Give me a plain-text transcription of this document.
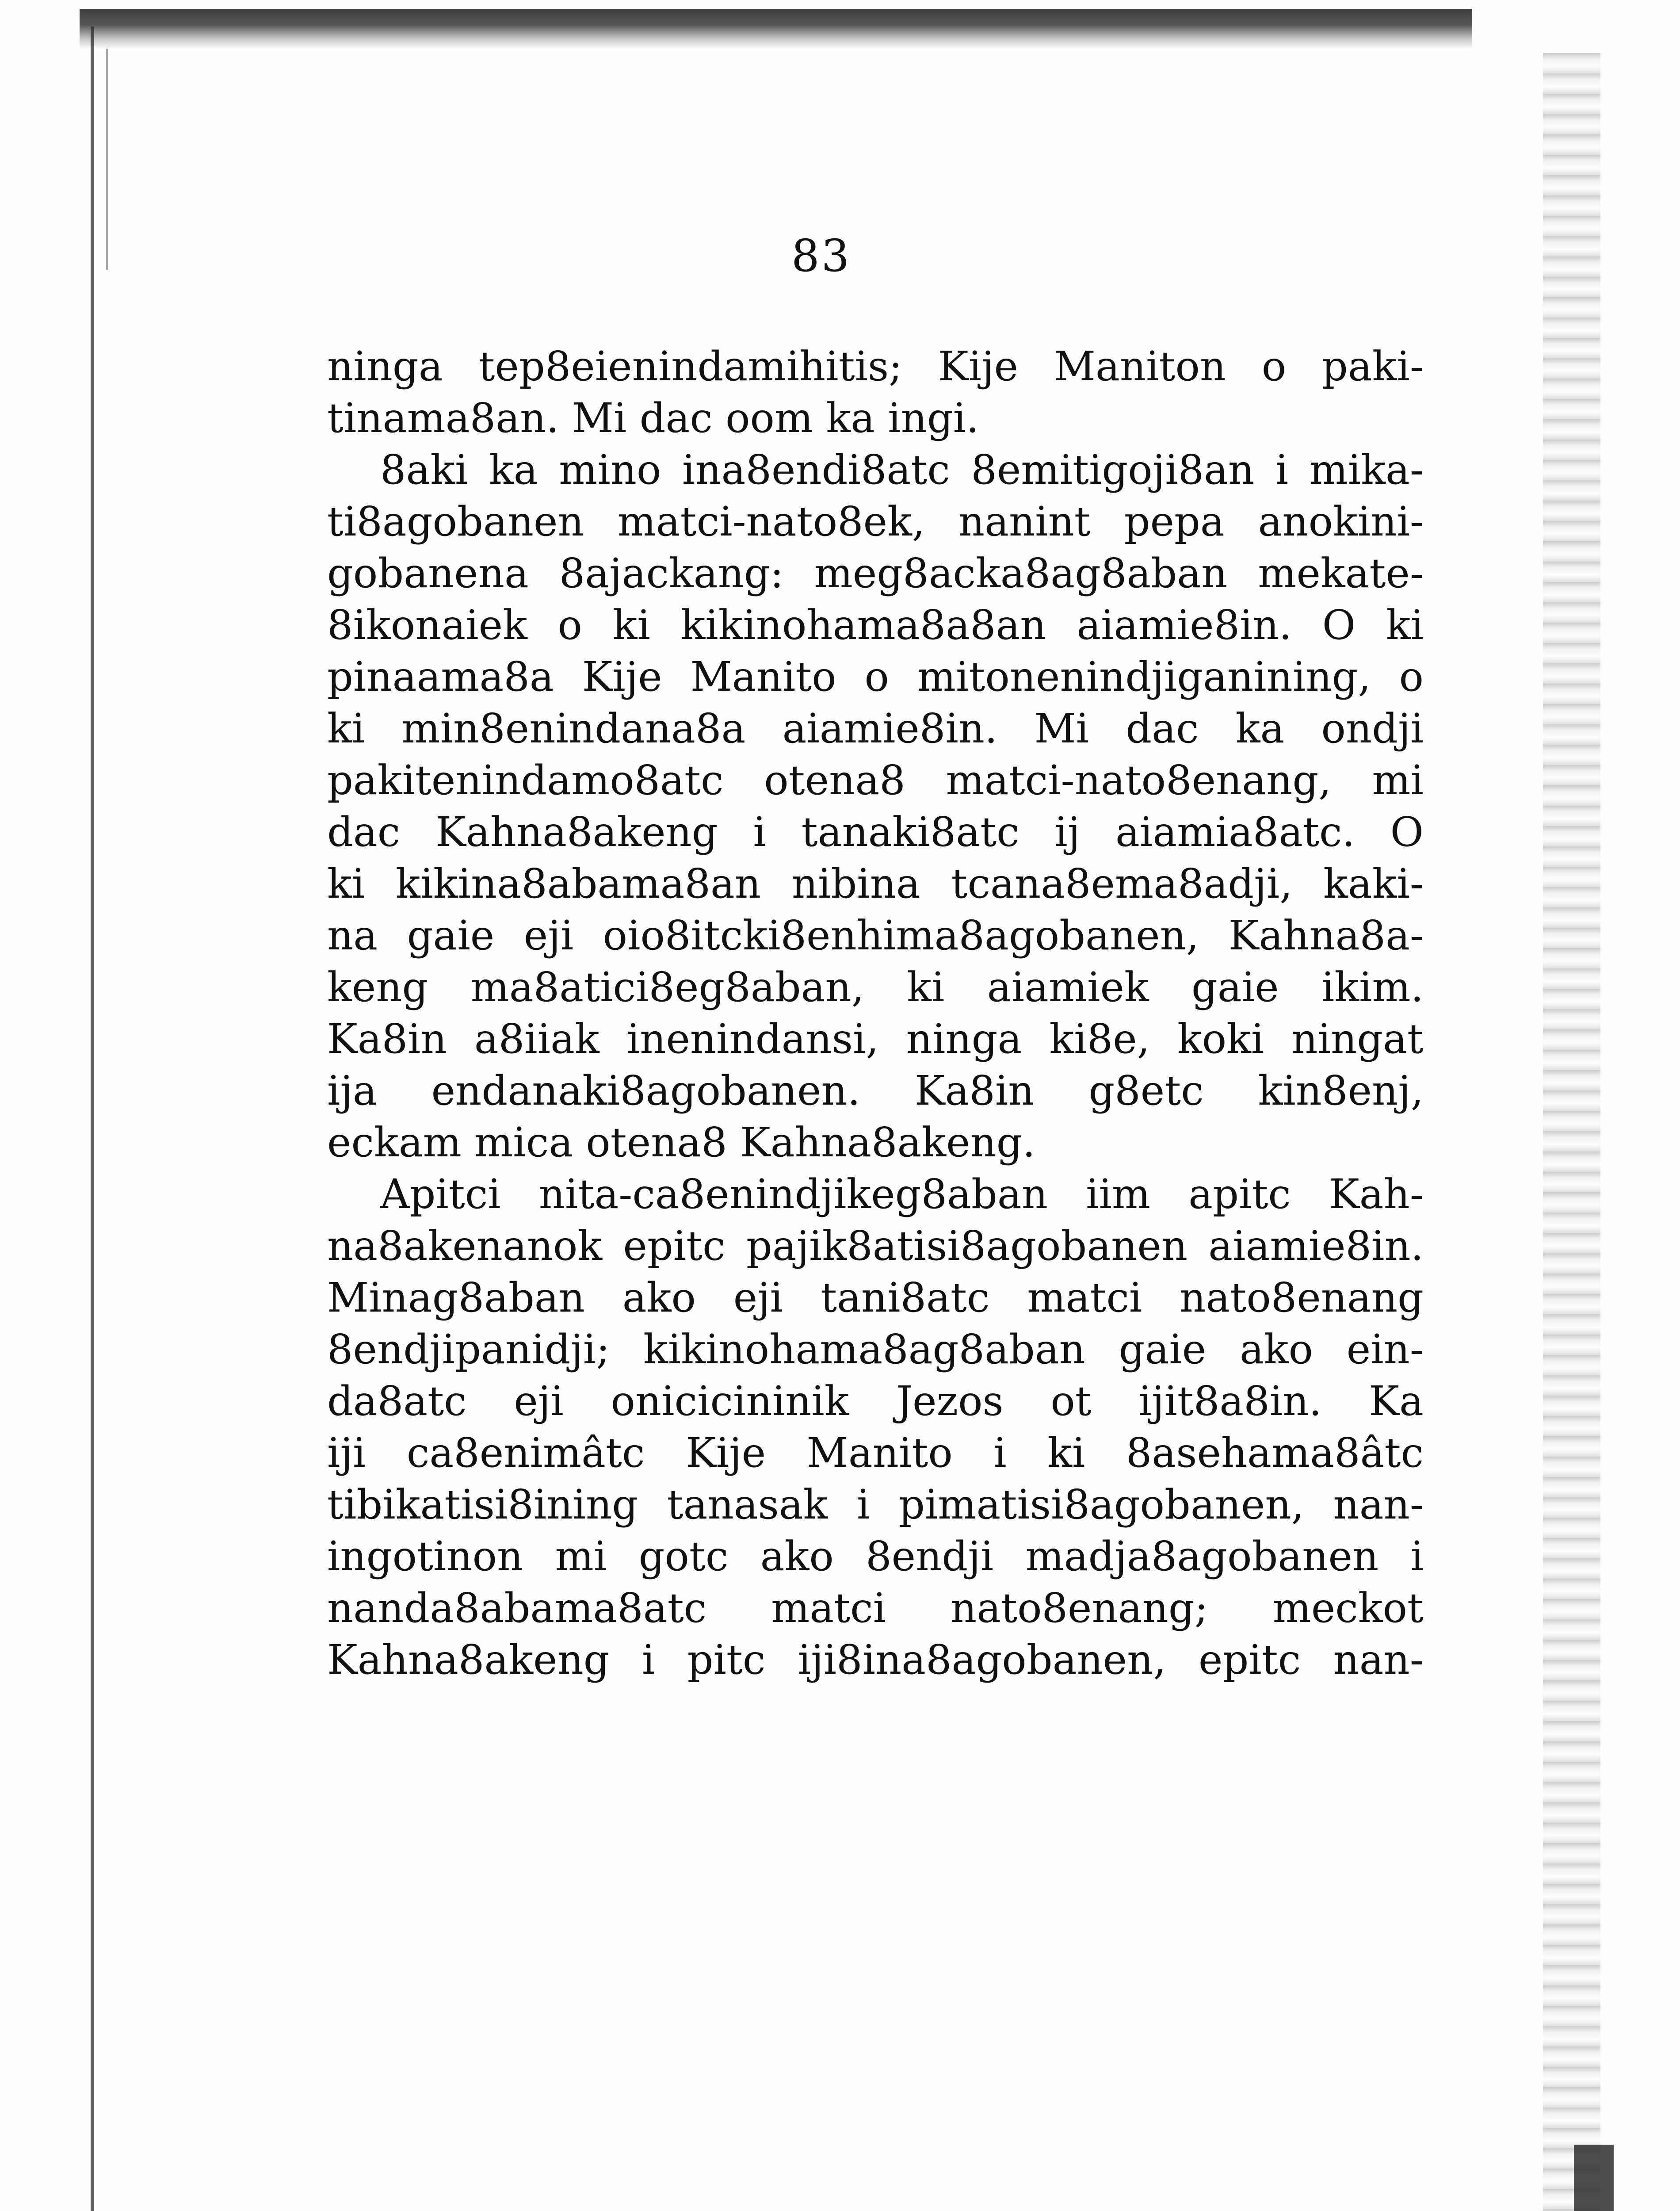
83
ninga tep8eienindamihitis; Kije Maniton o paki-
tinama8an. Mi dac oom ka ingi.
8aki ka mino ina8endi8atc 8emitigoji8an i mika-
ti8agobanen matci-nato8ek, nanint pepa anokini-
gobanena 8ajackang: meg8acka8ag8aban mekate-
8ikonaiek o ki kikinohama8a8an aiamie8in. O ki
pinaama8a Kije Manito o mitonenindjiganining, o
ki min8enindana8a aiamie8in. Mi dac ka ondji
pakitenindamo8atc otena8 matci-nato8enang, mi
dac Kahna8akeng i tanaki8atc ij aiamia8atc. O
ki kikina8abama8an nibina tcana8ema8adji, kaki-
na gaie eji oio8itcki8enhima8agobanen, Kahna8a-
keng ma8atici8eg8aban, ki aiamiek gaie ikim.
Ka8in a8iiak inenindansi, ninga ki8e, koki ningat
ija endanaki8agobanen. Ka8in g8etc kin8enj,
eckam mica otena8 Kahna8akeng.
Apitci nita-ca8enindjikeg8aban iim apitc Kah-
na8akenanok epitc pajik8atisi8agobanen aiamie8in.
Minag8aban ako eji tani8atc matci nato8enang
8endjipanidji; kikinohama8ag8aban gaie ako ein-
da8atc eji onicicininik Jezos ot ijit8a8in. Ka
iji ca8enimâtc Kije Manito i ki 8asehama8âtc
tibikatisi8ining tanasak i pimatisi8agobanen, nan-
ingotinon mi gotc ako 8endji madja8agobanen i
nanda8abama8atc matci nato8enang; meckot
Kahna8akeng i pitc iji8ina8agobanen, epitc nan-
